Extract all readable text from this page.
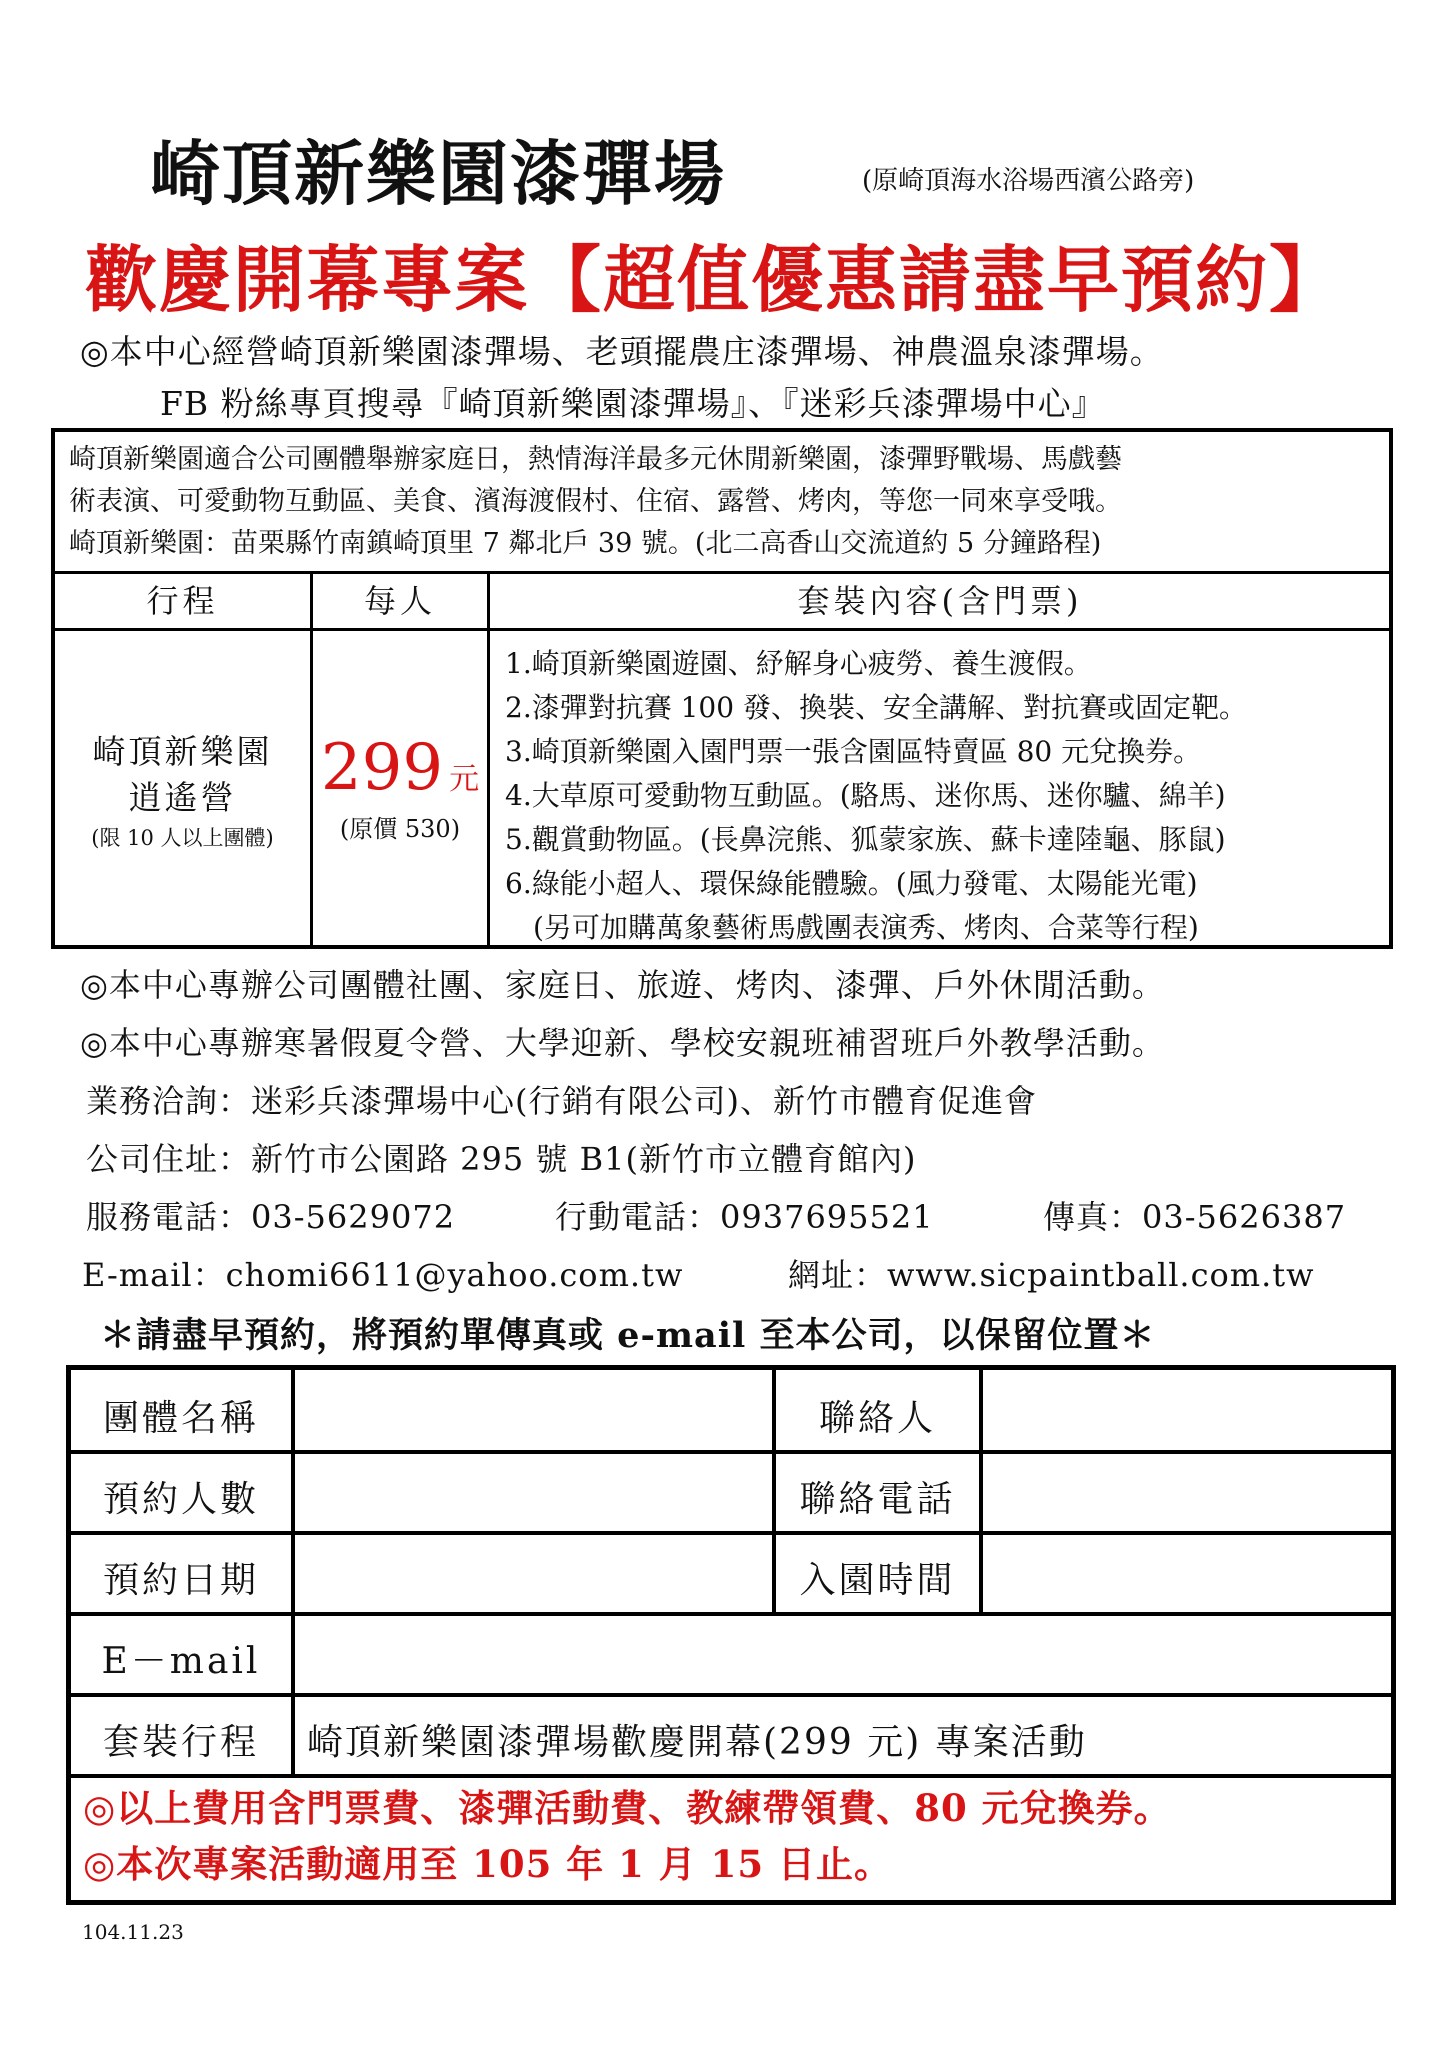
崎頂新樂園漆彈場	(原崎頂海水浴場西濱公路旁)
歡慶開幕專案【超值優惠請盡早預約】
◎本中心經營崎頂新樂園漆彈場、老頭擺農庄漆彈場、神農溫泉漆彈場。
FB 粉絲專頁搜尋『崎頂新樂園漆彈場』、『迷彩兵漆彈場中心』
崎頂新樂園適合公司團體舉辦家庭日，熱情海洋最多元休閒新樂園，漆彈野戰場、馬戲藝
術表演、可愛動物互動區、美食、濱海渡假村、住宿、露營、烤肉，等您一同來享受哦。
崎頂新樂園：苗栗縣竹南鎮崎頂里 7 鄰北戶 39 號。(北二高香山交流道約 5 分鐘路程)
行程	每人	套裝內容(含門票)
崎頂新樂園
逍遙營
(限 10 人以上團體)
299 元
(原價 530)
1.崎頂新樂園遊園、紓解身心疲勞、養生渡假。
2.漆彈對抗賽 100 發、換裝、安全講解、對抗賽或固定靶。
3.崎頂新樂園入園門票一張含園區特賣區 80 元兌換券。
4.大草原可愛動物互動區。(駱馬、迷你馬、迷你驢、綿羊)
5.觀賞動物區。(長鼻浣熊、狐蒙家族、蘇卡達陸龜、豚鼠)
6.綠能小超人、環保綠能體驗。(風力發電、太陽能光電)
(另可加購萬象藝術馬戲團表演秀、烤肉、合菜等行程)
◎本中心專辦公司團體社團、家庭日、旅遊、烤肉、漆彈、戶外休閒活動。
◎本中心專辦寒暑假夏令營、大學迎新、學校安親班補習班戶外教學活動。
業務洽詢：迷彩兵漆彈場中心(行銷有限公司)、新竹市體育促進會
公司住址：新竹市公園路 295 號 B1(新竹市立體育館內)
服務電話：03-5629072	行動電話：0937695521	傳真：03-5626387
E-mail：chomi6611@yahoo.com.tw	網址：www.sicpaintball.com.tw
＊請盡早預約，將預約單傳真或 e-mail 至本公司，以保留位置＊
團體名稱	聯絡人
預約人數	聯絡電話
預約日期	入園時間
E－mail
套裝行程	崎頂新樂園漆彈場歡慶開幕(299 元) 專案活動
◎以上費用含門票費、漆彈活動費、教練帶領費、80 元兌換券。
◎本次專案活動適用至 105 年 1 月 15 日止。
104.11.23
